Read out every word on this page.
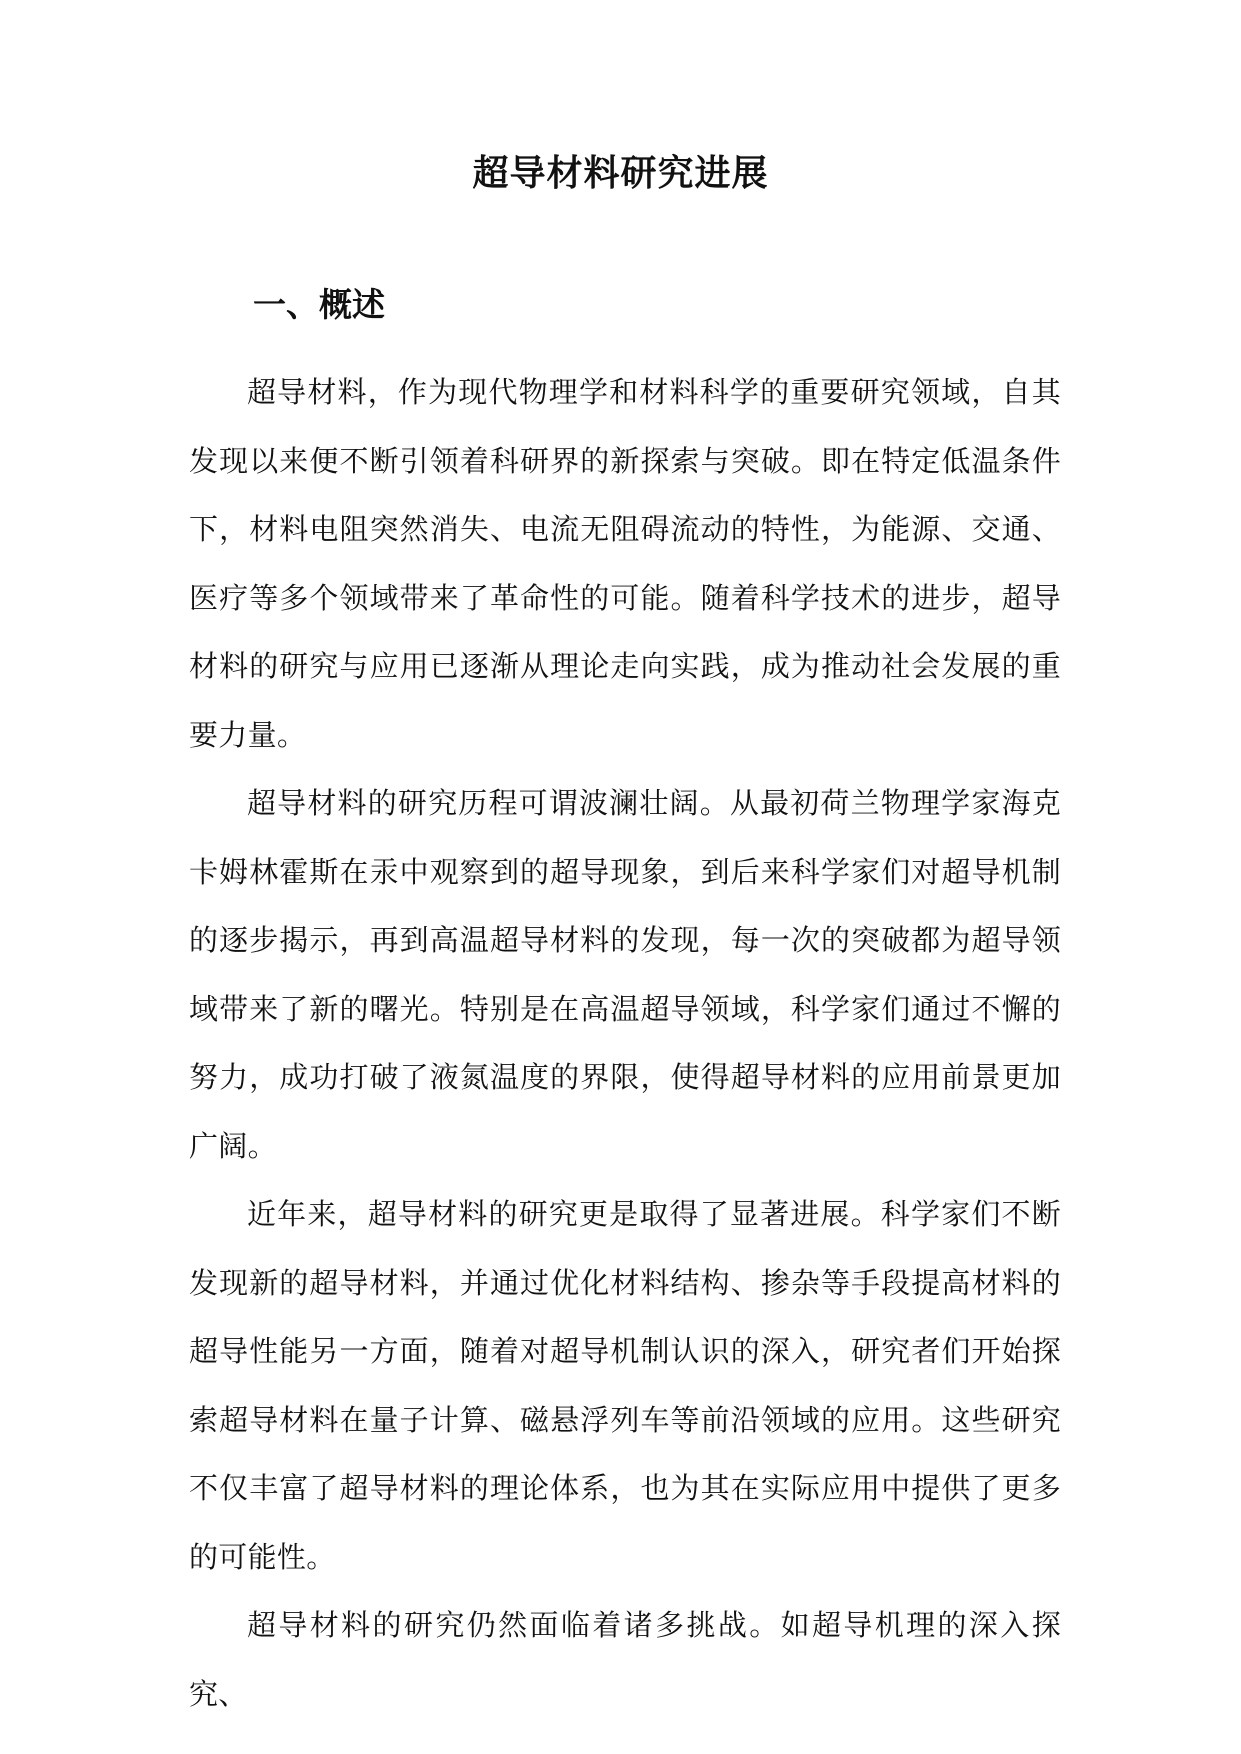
超导材料研究进展
一、概述

超导材料，作为现代物理学和材料科学的重要研究领域，自其发现以来便不断引领着科研界的新探索与突破。即在特定低温条件下，材料电阻突然消失、电流无阻碍流动的特性，为能源、交通、医疗等多个领域带来了革命性的可能。随着科学技术的进步，超导材料的研究与应用已逐渐从理论走向实践，成为推动社会发展的重要力量。

超导材料的研究历程可谓波澜壮阔。从最初荷兰物理学家海克卡姆林霍斯在汞中观察到的超导现象，到后来科学家们对超导机制的逐步揭示，再到高温超导材料的发现，每一次的突破都为超导领域带来了新的曙光。特别是在高温超导领域，科学家们通过不懈的努力，成功打破了液氮温度的界限，使得超导材料的应用前景更加广阔。

近年来，超导材料的研究更是取得了显著进展。科学家们不断发现新的超导材料，并通过优化材料结构、掺杂等手段提高材料的超导性能另一方面，随着对超导机制认识的深入，研究者们开始探索超导材料在量子计算、磁悬浮列车等前沿领域的应用。这些研究不仅丰富了超导材料的理论体系，也为其在实际应用中提供了更多的可能性。

超导材料的研究仍然面临着诸多挑战。如超导机理的深入探究、
